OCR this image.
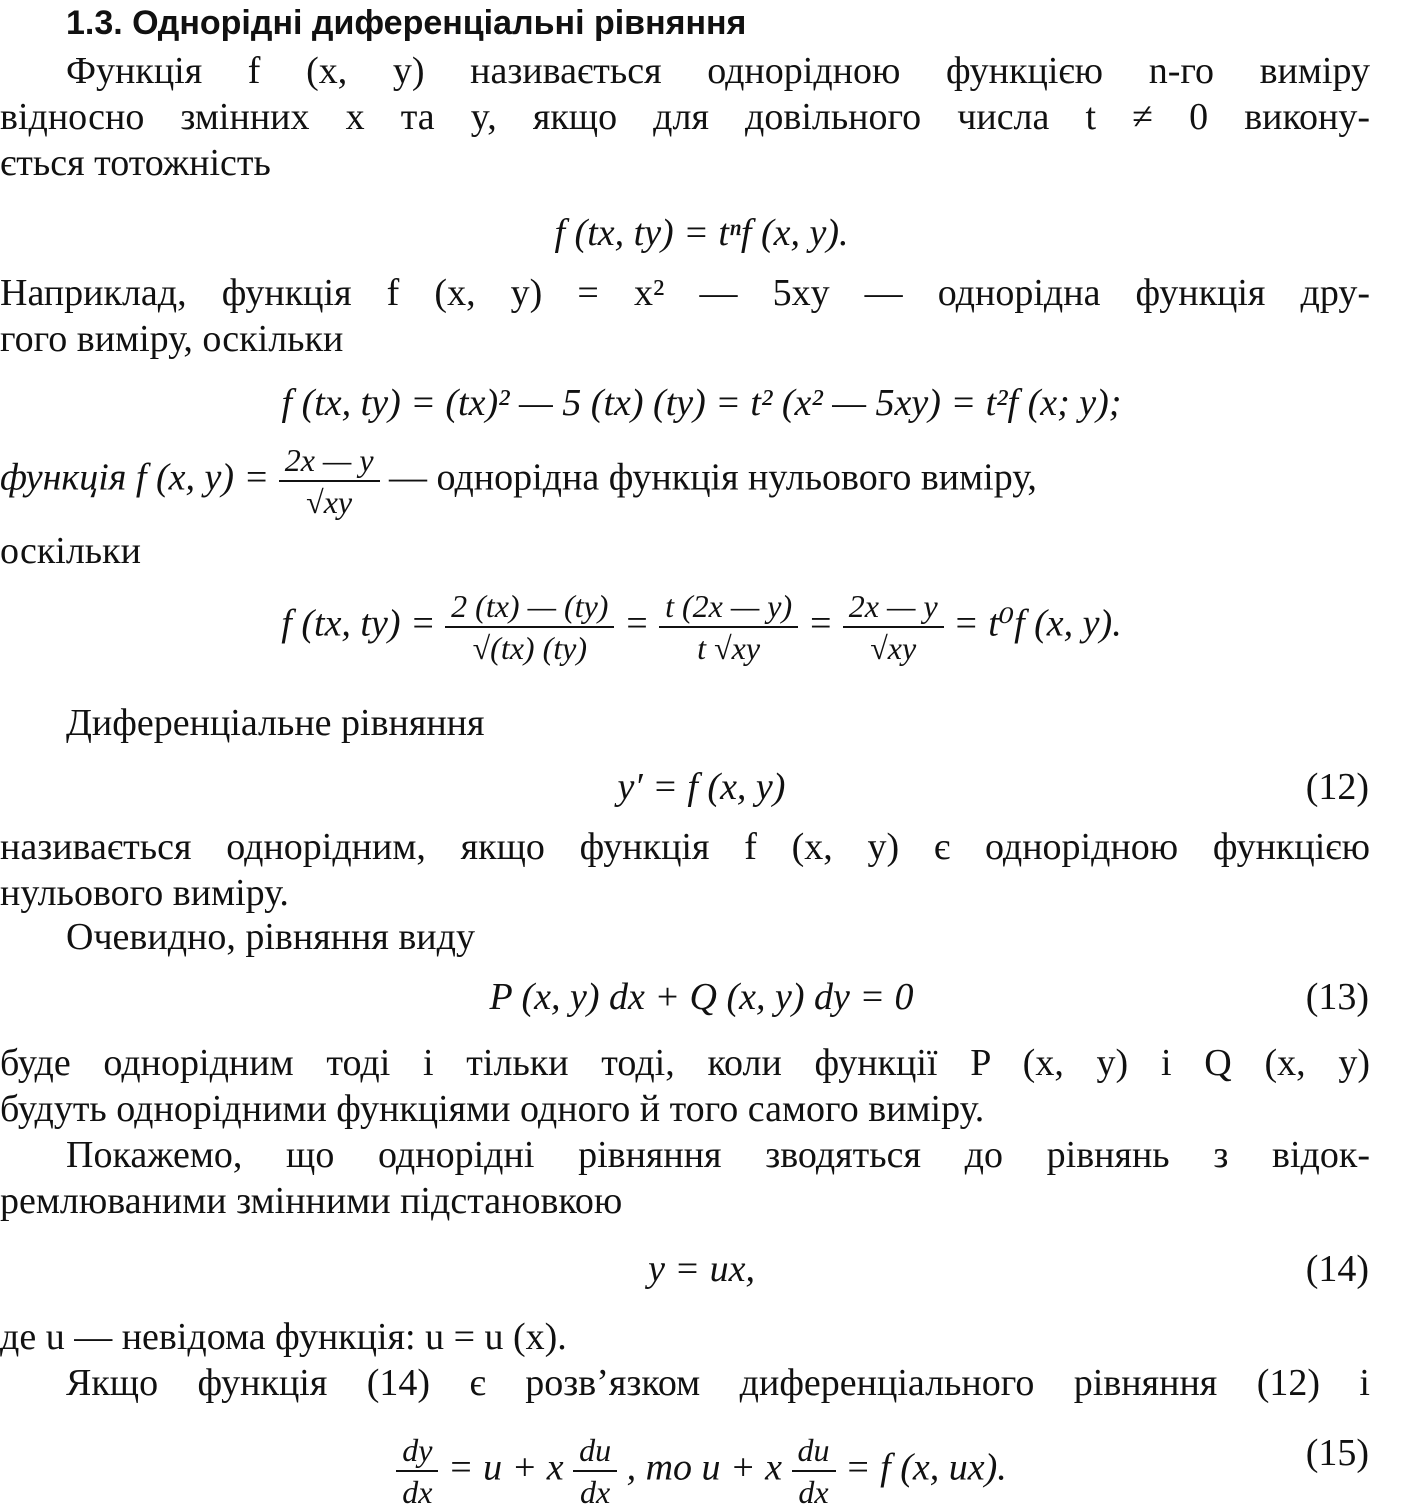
1.3. Однорідні диференціальні рівняння
Функція f (x, y) називається однорідною функцією n-го виміру
відносно змінних x та y, якщо для довільного числа t ≠ 0 викону-
ється тотожність
f (tx, ty) = tⁿf (x, y).
Наприклад, функція f (x, y) = x² — 5xy — однорідна функція дру-
гого виміру, оскільки
f (tx, ty) = (tx)² — 5 (tx) (ty) = t² (x² — 5xy) = t²f (x; y);
функція f (x, $y) = \frac{2x — y}{√xy}$ — однорідна функція нульового виміру,
оскільки
f (tx, $ty) = \frac{2 (tx) — (ty)}{√(tx) (ty)} = \frac{t (2x — y)}{t √xy} = \frac{2x — y}{√xy} = t^0f$ (x, y).
Диференціальне рівняння
y′ = f (x, y)	(12)
називається однорідним, якщо функція f (x, y) є однорідною функцією
нульового виміру.
Очевидно, рівняння виду
P (x, y) dx + Q (x, y) dy = 0	(13)
буде однорідним тоді і тільки тоді, коли функції P (x, y) і Q (x, y)
будуть однорідними функціями одного й того самого виміру.
Покажемо, що однорідні рівняння зводяться до рівнянь з відок-
ремлюваними змінними підстановкою
y = ux,	(14)
де u — невідома функція: u = u (x).
Якщо функція (14) є розв’язком диференціального рівняння (12) і
$\frac{dy}{dx} = u + x \frac{du}{dx}$ , то u + x $\frac{du}{dx} = f$ (x, ux).	(15)
